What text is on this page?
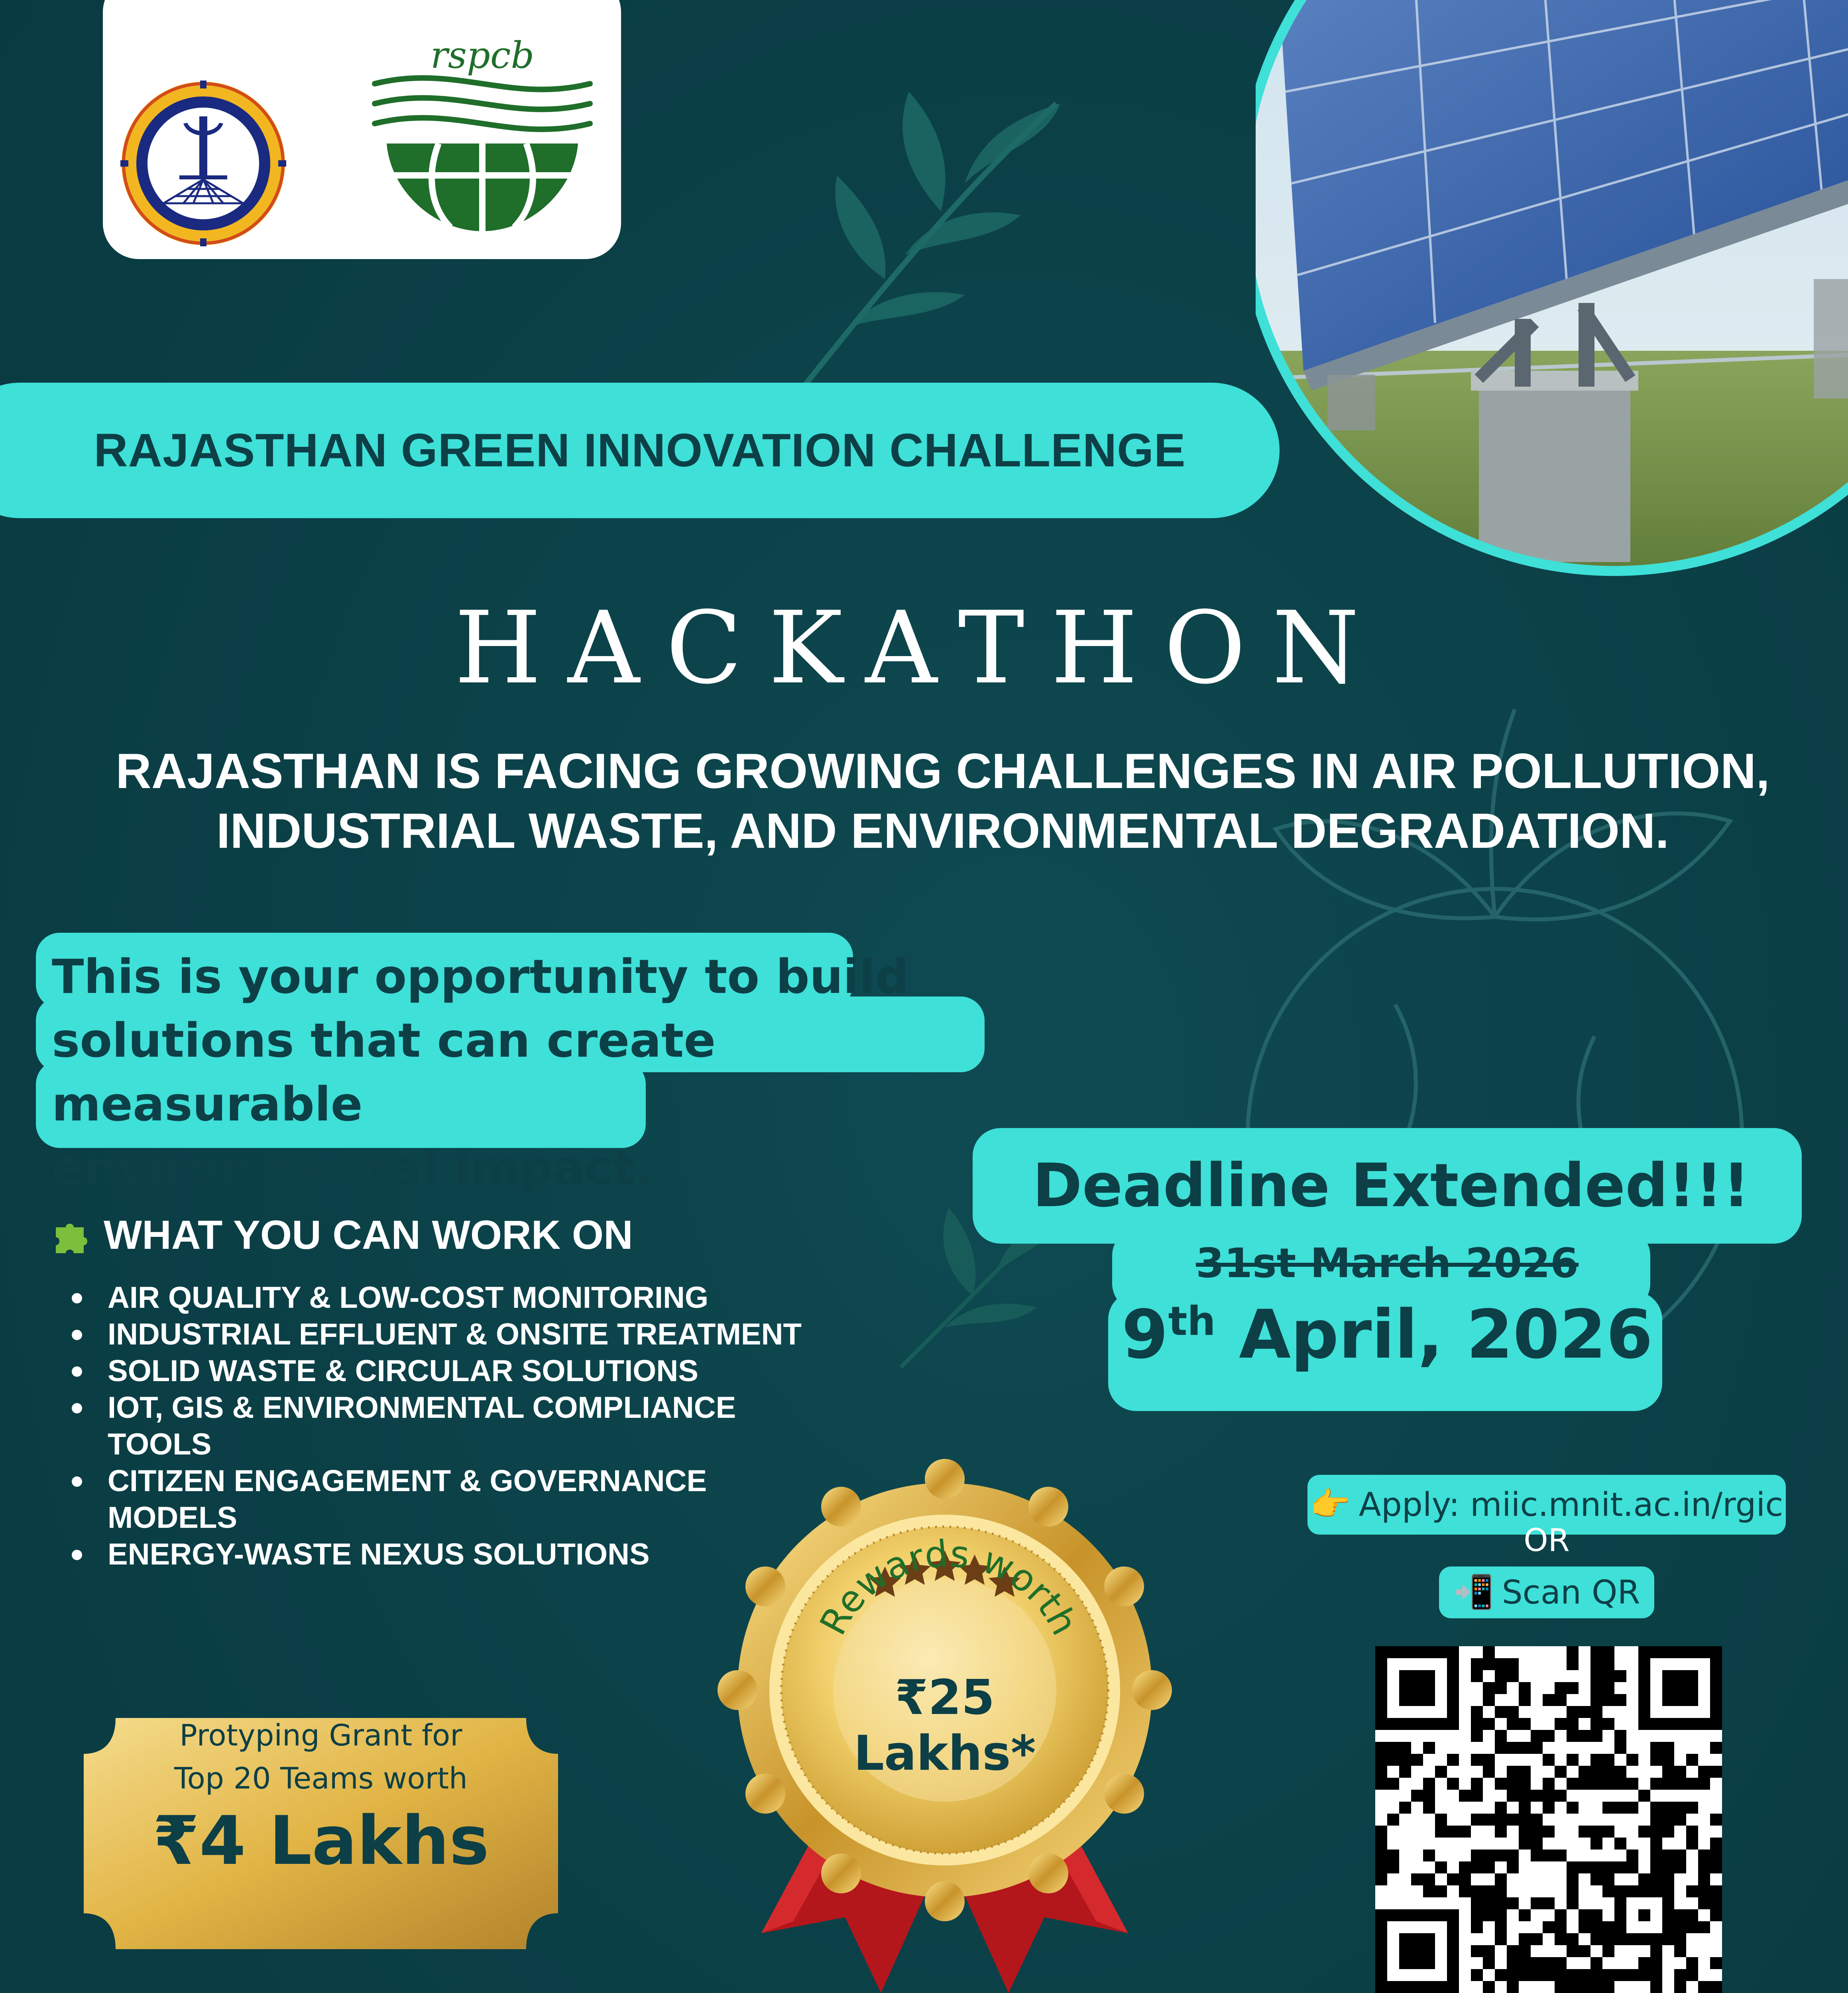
rspcb
RAJASTHAN GREEN INNOVATION CHALLENGE
HACKATHON
RAJASTHAN IS FACING GROWING CHALLENGES IN AIR POLLUTION,
INDUSTRIAL WASTE, AND ENVIRONMENTAL DEGRADATION.
This is your opportunity to build
solutions that can create measurable
environmental impact.	Deadline Extended!!!
31st March 2026
9th April, 2026
WHAT YOU CAN WORK ON
AIR QUALITY & LOW-COST MONITORING
INDUSTRIAL EFFLUENT & ONSITE TREATMENT
SOLID WASTE & CIRCULAR SOLUTIONS
IOT, GIS & ENVIRONMENTAL COMPLIANCE TOOLS
CITIZEN ENGAGEMENT & GOVERNANCE MODELS
ENERGY-WASTE NEXUS SOLUTIONS
👉 Apply: miic.mnit.ac.in/rgic
OR
📲 Scan QR
Rewards worth
₹25
Lakhs*
Protyping Grant for
Top 20 Teams worth
₹4 Lakhs
